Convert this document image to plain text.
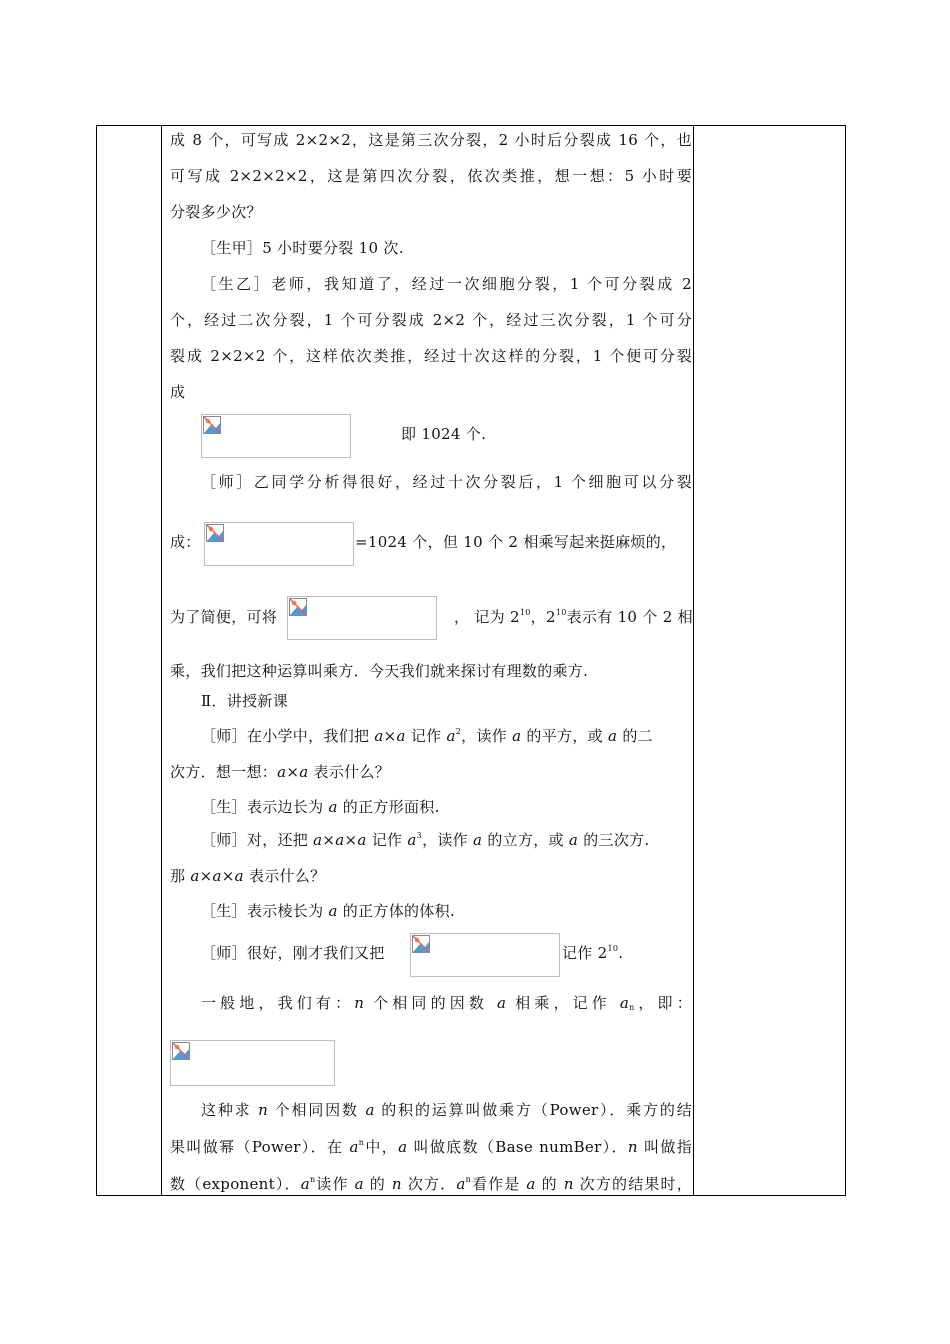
成 8 个，可写成 2×2×2，这是第三次分裂，2 小时后分裂成 16 个，也
可写成 2×2×2×2，这是第四次分裂，依次类推，想一想：5 小时要
分裂多少次？
［生甲］5 小时要分裂 10 次.
［生乙］老师，我知道了，经过一次细胞分裂，1 个可分裂成 2
个，经过二次分裂，1 个可分裂成 2×2 个，经过三次分裂，1 个可分
裂成 2×2×2 个，这样依次类推，经过十次这样的分裂，1 个便可分裂
成
即 1024 个.
［师］乙同学分析得很好，经过十次分裂后，1 个细胞可以分裂
成：	=1024 个，但 10 个 2 相乘写起来挺麻烦的，
为了简便，可将	， 记为 $2^{10}$，$2^{10}$表示有 10 个 2 相
乘，我们把这种运算叫乘方．今天我们就来探讨有理数的乘方.
Ⅱ．讲授新课
［师］在小学中，我们把 a×a 记作 $a^2$，读作 a 的平方，或 a 的二
次方．想一想：a×a 表示什么？
［生］表示边长为 a 的正方形面积.
［师］对，还把 a×a×a 记作 $a^3$，读作 a 的立方，或 a 的三次方.
那 a×a×a 表示什么？
［生］表示棱长为 a 的正方体的体积.
［师］很好，刚才我们又把	记作 $2^{10}$.
一般地，我们有：n 个相同的因数 a 相乘，记作 $a_n$，即：
这种求 n 个相同因数 a 的积的运算叫做乘方（Power）．乘方的结
果叫做幂（Power）．在 $a^n$中，a 叫做底数（Base numBer）．n 叫做指
数（exponent）．$a^n$读作 a 的 n 次方．$a^n$看作是 a 的 n 次方的结果时，
